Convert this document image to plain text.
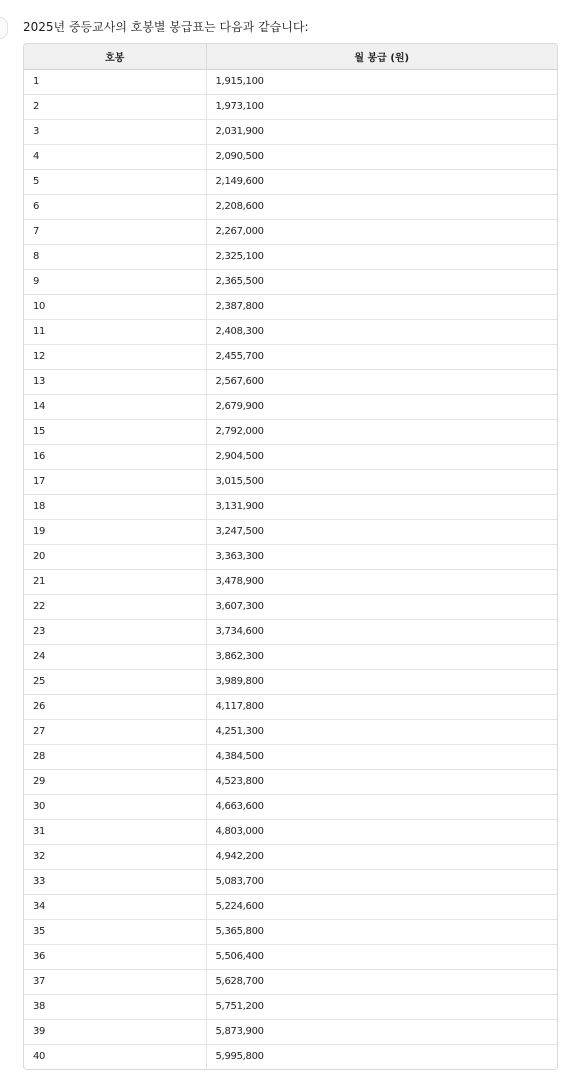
2025년 중등교사의 호봉별 봉급표는 다음과 같습니다:
호봉	월 봉급 (원)
1	1,915,100
2	1,973,100
3	2,031,900
4	2,090,500
5	2,149,600
6	2,208,600
7	2,267,000
8	2,325,100
9	2,365,500
10	2,387,800
11	2,408,300
12	2,455,700
13	2,567,600
14	2,679,900
15	2,792,000
16	2,904,500
17	3,015,500
18	3,131,900
19	3,247,500
20	3,363,300
21	3,478,900
22	3,607,300
23	3,734,600
24	3,862,300
25	3,989,800
26	4,117,800
27	4,251,300
28	4,384,500
29	4,523,800
30	4,663,600
31	4,803,000
32	4,942,200
33	5,083,700
34	5,224,600
35	5,365,800
36	5,506,400
37	5,628,700
38	5,751,200
39	5,873,900
40	5,995,800
